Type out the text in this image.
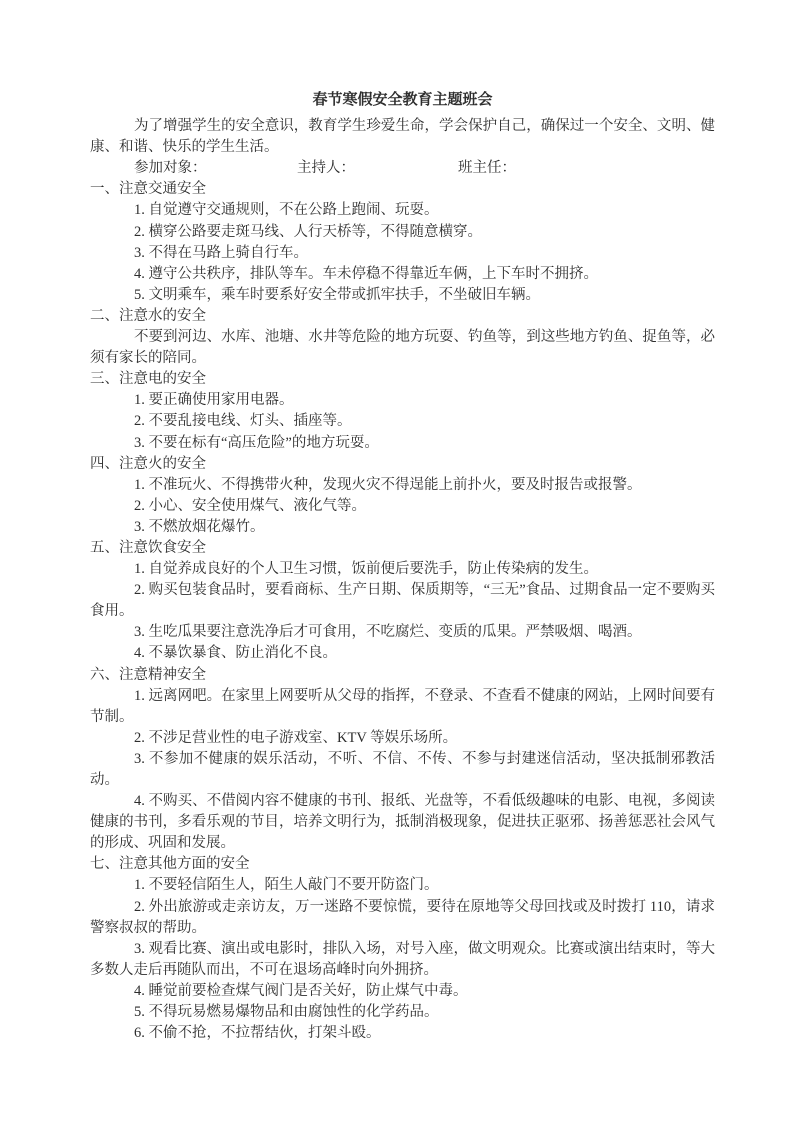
春节寒假安全教育主题班会

为了增强学生的安全意识，教育学生珍爱生命，学会保护自己，确保过一个安全、文明、健康、和谐、快乐的学生生活。

参加对象：	主持人：	班主任：

一、注意交通安全

1. 自觉遵守交通规则，不在公路上跑闹、玩耍。

2. 横穿公路要走斑马线、人行天桥等，不得随意横穿。

3. 不得在马路上骑自行车。

4. 遵守公共秩序，排队等车。车未停稳不得靠近车俩，上下车时不拥挤。

5. 文明乘车，乘车时要系好安全带或抓牢扶手，不坐破旧车辆。

二、注意水的安全

不要到河边、水库、池塘、水井等危险的地方玩耍、钓鱼等，到这些地方钓鱼、捉鱼等，必须有家长的陪同。

三、注意电的安全

1. 要正确使用家用电器。

2. 不要乱接电线、灯头、插座等。

3. 不要在标有“高压危险”的地方玩耍。

四、注意火的安全

1. 不准玩火、不得携带火种，发现火灾不得逞能上前扑火，要及时报告或报警。

2. 小心、安全使用煤气、液化气等。

3. 不燃放烟花爆竹。

五、注意饮食安全

1. 自觉养成良好的个人卫生习惯，饭前便后要洗手，防止传染病的发生。

2. 购买包装食品时，要看商标、生产日期、保质期等，“三无”食品、过期食品一定不要购买食用。

3. 生吃瓜果要注意洗净后才可食用，不吃腐烂、变质的瓜果。严禁吸烟、喝酒。

4. 不暴饮暴食、防止消化不良。

六、注意精神安全

1. 远离网吧。在家里上网要听从父母的指挥，不登录、不查看不健康的网站，上网时间要有节制。

2. 不涉足营业性的电子游戏室、KTV 等娱乐场所。

3. 不参加不健康的娱乐活动，不听、不信、不传、不参与封建迷信活动，坚决抵制邪教活动。

4. 不购买、不借阅内容不健康的书刊、报纸、光盘等，不看低级趣味的电影、电视，多阅读健康的书刊，多看乐观的节目，培养文明行为，抵制消极现象，促进扶正驱邪、扬善惩恶社会风气的形成、巩固和发展。

七、注意其他方面的安全

1. 不要轻信陌生人，陌生人敲门不要开防盗门。

2. 外出旅游或走亲访友，万一迷路不要惊慌，要待在原地等父母回找或及时拨打 110，请求警察叔叔的帮助。

3. 观看比赛、演出或电影时，排队入场，对号入座，做文明观众。比赛或演出结束时，等大多数人走后再随队而出，不可在退场高峰时向外拥挤。

4. 睡觉前要检查煤气阀门是否关好，防止煤气中毒。

5. 不得玩易燃易爆物品和由腐蚀性的化学药品。

6. 不偷不抢，不拉帮结伙，打架斗殴。
